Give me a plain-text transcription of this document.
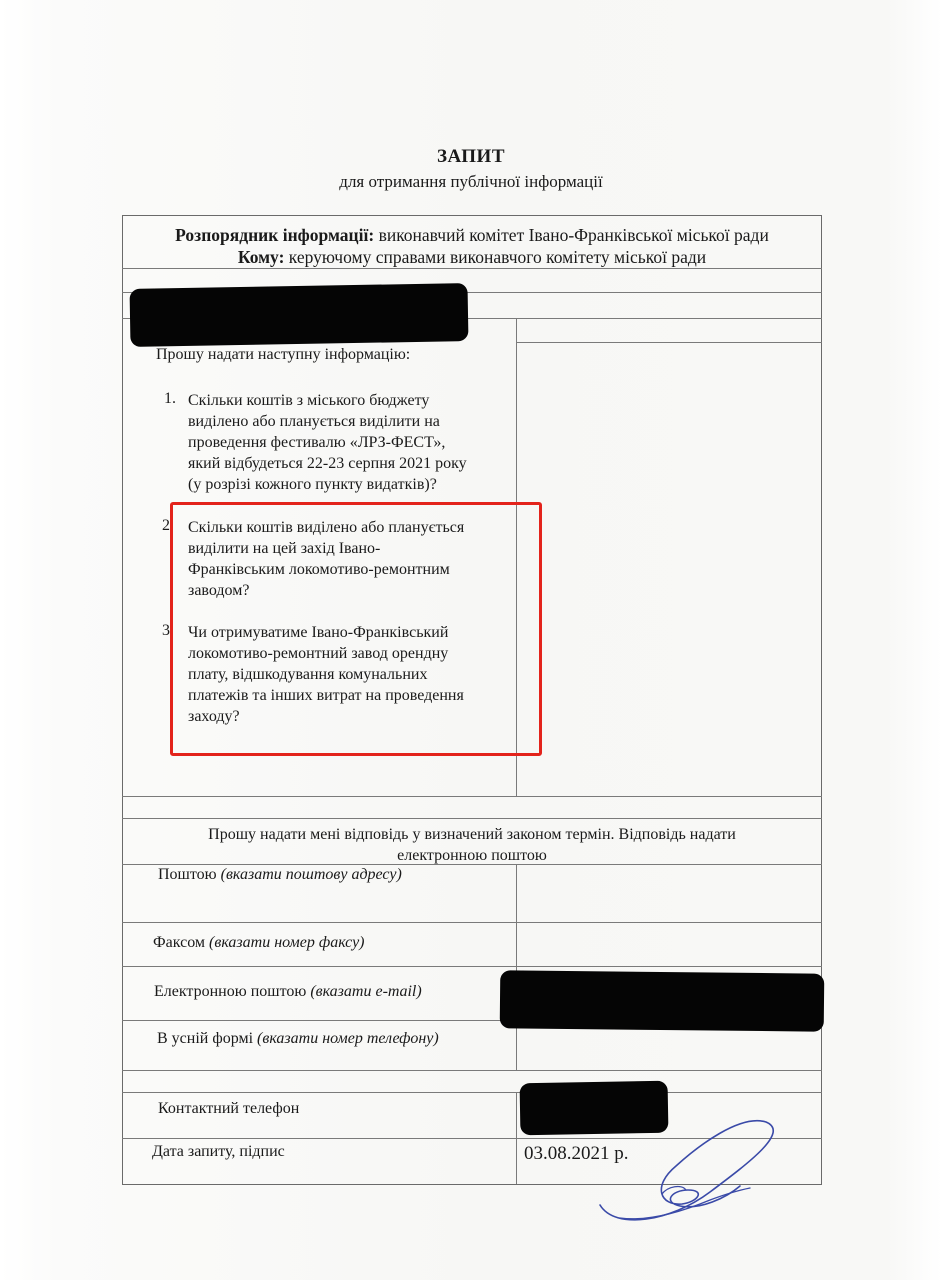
ЗАПИТ
для отримання публічної інформації
Розпорядник інформації: виконавчий комітет Івано-Франківської міської ради
Кому: керуючому справами виконавчого комітету міської ради
Прошу надати наступну інформацію:
1. Скільки коштів з міського бюджету
виділено або планується виділити на
проведення фестивалю «ЛРЗ-ФЕСТ»,
який відбудеться 22-23 серпня 2021 року
(у розрізі кожного пункту видатків)?
2. Скільки коштів виділено або планується
виділити на цей захід Івано-
Франківським локомотиво-ремонтним
заводом?
3. Чи отримуватиме Івано-Франківський
локомотиво-ремонтний завод орендну
плату, відшкодування комунальних
платежів та інших витрат на проведення
заходу?
Прошу надати мені відповідь у визначений законом термін. Відповідь надати
електронною поштою
Поштою (вказати поштову адресу)
Факсом (вказати номер факсу)
Електронною поштою (вказати e-mail)
В усній формі (вказати номер телефону)
Контактний телефон
Дата запиту, підпис	03.08.2021 р.
